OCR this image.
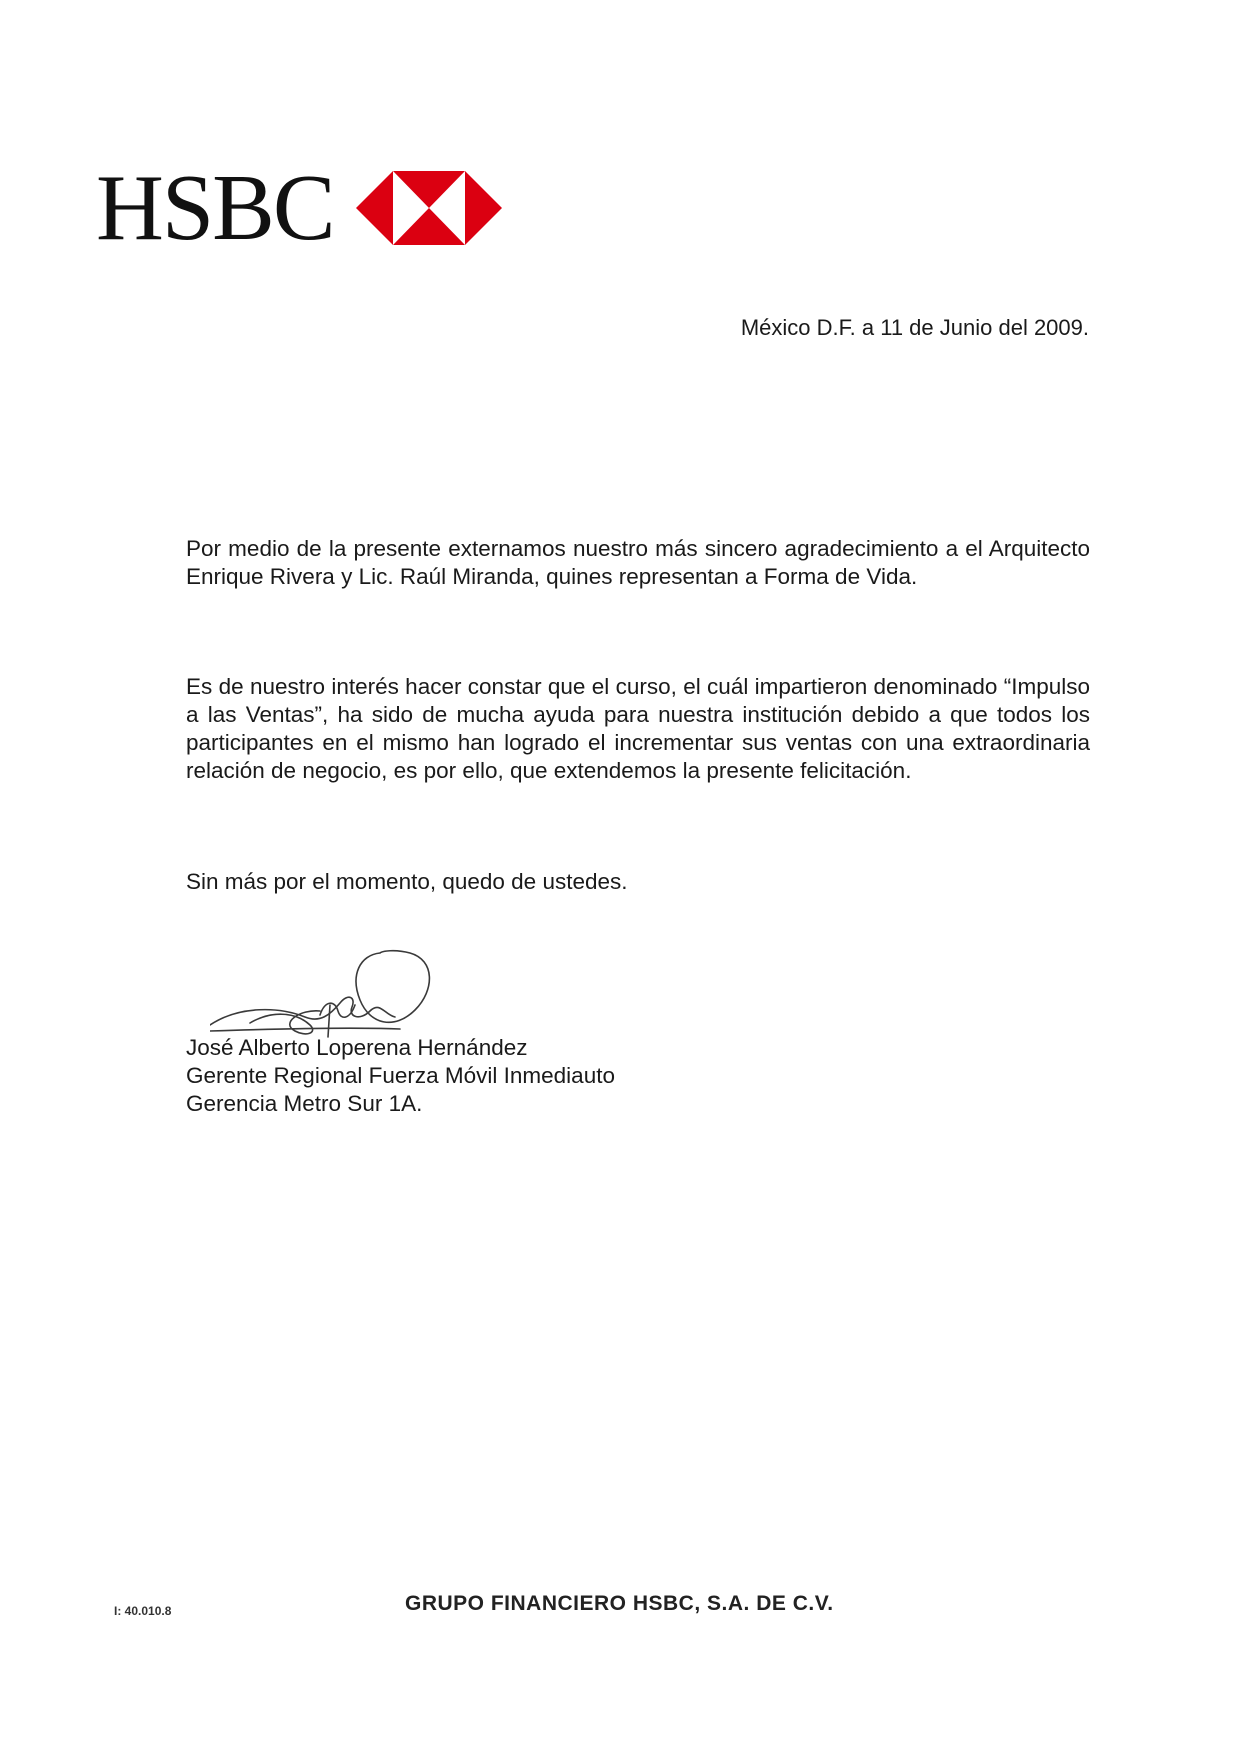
HSBC
México D.F. a 11 de Junio del 2009.

Por medio de la presente externamos nuestro más sincero agradecimiento a el Arquitecto Enrique Rivera y Lic. Raúl Miranda, quines representan a Forma de Vida.

Es de nuestro interés hacer constar que el curso, el cuál impartieron denominado “Impulso a las Ventas”, ha sido de mucha ayuda para nuestra institución debido a que todos los participantes en el mismo han logrado el incrementar sus ventas con una extraordinaria relación de negocio, es por ello, que extendemos la presente felicitación.

Sin más por el momento, quedo de ustedes.

José Alberto Loperena Hernández
Gerente Regional Fuerza Móvil Inmediauto
Gerencia Metro Sur 1A.
I: 40.010.8	GRUPO FINANCIERO HSBC, S.A. DE C.V.
